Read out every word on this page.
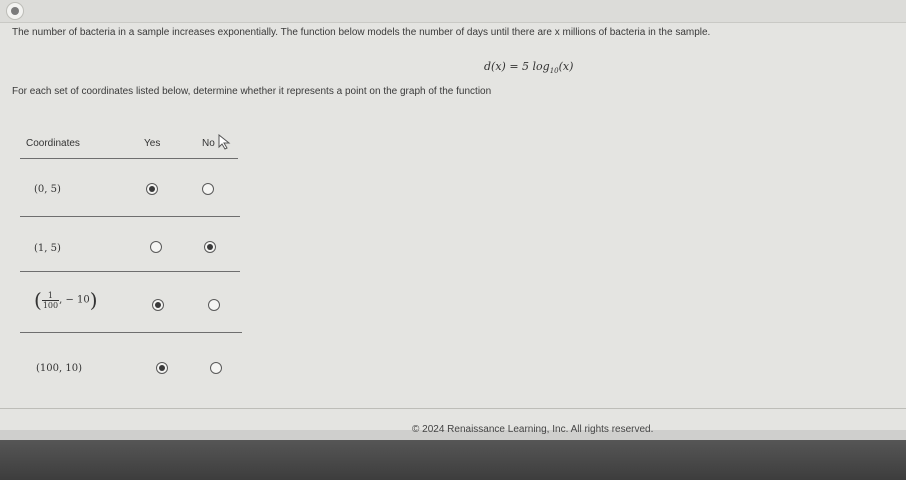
The number of bacteria in a sample increases exponentially. The function below models the number of days until there are x millions of bacteria in the sample.
d(x) = 5 $\log_{10}(x)$
For each set of coordinates listed below, determine whether it represents a point on the graph of the function
Coordinates	Yes	No
(0, 5)
(1, 5)
( $\frac{1}{100}$ , − 10)
(100, 10)
© 2024 Renaissance Learning, Inc. All rights reserved.
